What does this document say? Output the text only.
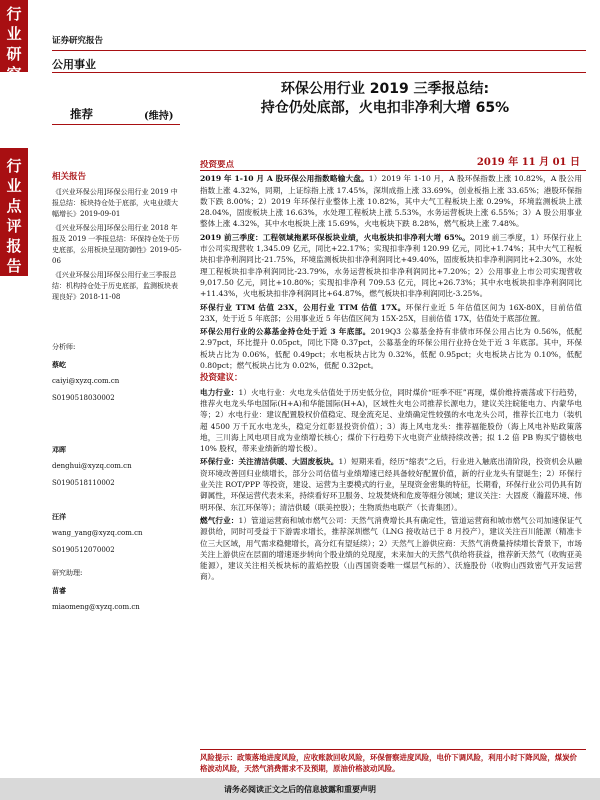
行
业
研
究
行
业
点
评
报
告
证券研究报告
公用事业
环保公用行业 2019 三季报总结:
持仓仍处底部，火电扣非净利大增 65%
推荐	(维持)
2019 年 11 月 01 日
相关报告
《[兴业环保公用]环保公用行业 2019 中报总结：板块持仓处于底部，火电业绩大幅增长》2019-09-01
《[兴业环保公用]环保公用行业 2018 年报及 2019 一季报总结：环保持仓处于历史底部，公用板块呈现防御性》2019-05-06
《[兴业环保公用]环保公用行业三季报总结：机构持仓处于历史底部，监测板块表现良好》2018-11-08
分析师:
蔡屹
caiyi@xyzq.com.cn
S0190518030002
邓晖
denghui@xyzq.com.cn
S0190518110002
汪洋
wang_yang@xyzq.com.cn
S0190512070002
研究助理:
苗睿
miaomeng@xyzq.com.cn
投资要点

2019 年 1-10 月 A 股环保公用指数略输大盘。1）2019 年 1-10 月，A 股环保指数上涨 10.82%，A 股公用指数上涨 4.32%，同期，上证综指上涨 17.45%，深圳成指上涨 33.69%，创业板指上涨 33.65%；港股环保指数下跌 8.00%；2）2019 年环保行业整体上涨 10.82%，其中大气工程板块上涨 0.29%，环境监测板块上涨 28.04%，固废板块上涨 16.63%，水处理工程板块上涨 5.53%，水务运营板块上涨 6.55%；3）A 股公用事业整体上涨 4.32%，其中水电板块上涨 15.69%，火电板块下跌 8.28%，燃气板块上涨 7.48%。

2019 前三季度：工程领域拖累环保板块业绩，火电板块扣非净利大增 65%。2019 前三季度，1）环保行业上市公司实现营收 1,345.09 亿元，同比+22.17%；实现扣非净利 120.99 亿元，同比+1.74%；其中大气工程板块扣非净利润同比-21.75%，环境监测板块扣非净利润同比+49.40%，固废板块扣非净利润同比+2.30%，水处理工程板块扣非净利润同比-23.79%，水务运营板块扣非净利润同比+7.20%；2）公用事业上市公司实现营收 9,017.50 亿元，同比+10.80%；实现扣非净利 709.53 亿元，同比+26.73%；其中水电板块扣非净利润同比+11.43%，火电板块扣非净利润同比+64.87%，燃气板块扣非净利润同比-3.25%。

环保行业 TTM 估值 23X，公用行业 TTM 估值 17X。环保行业近 5 年估值区间为 16X-80X，目前估值 23X，处于近 5 年底部；公用事业近 5 年估值区间为 15X-25X，目前估值 17X，估值处于底部位置。

环保公用行业的公募基金持仓处于近 3 年底部。2019Q3 公募基金持有非债市环保公用占比为 0.56%，低配 2.97pct，环比提升 0.05pct，同比下降 0.37pct，公募基金的环保公用行业持仓处于近 3 年底部。其中，环保板块占比为 0.06%，低配 0.49pct；水电板块占比为 0.32%，低配 0.95pct；火电板块占比为 0.10%，低配 0.80pct；燃气板块占比为 0.02%，低配 0.32pct。

投资建议：

电力行业：1）火电行业：火电龙头估值处于历史低分位，同时煤价“旺季不旺”再现，煤价维持震荡或下行趋势，推荐火电龙头华电国际(H+A)和华能国际(H+A)，区域性火电公司推荐长源电力，建议关注皖能电力、内蒙华电等；2）水电行业：建议配置股权价值稳定、现金流充足、业绩确定性较强的水电龙头公司，推荐长江电力（装机超 4500 万千瓦水电龙头，稳定分红彰显投资价值）；3）海上风电龙头：推荐福能股份（海上风电补贴政策落地，三川海上风电项目成为业绩增长核心；煤价下行趋势下火电资产业绩持续改善；拟 1.2 倍 PB 购买宁德核电 10% 股权，带来业绩新的增长极）。

环保行业：关注清洁供暖、大固废板块。1）短期来看，经历“缩表”之后，行业进入触底出清阶段，投资机会从融资环境改善回归业绩增长，部分公司估值与业绩增速已经具备较好配置价值，新的行业龙头有望诞生；2）环保行业关注 ROT/PPP 等投资，建设、运营为主要模式的行业，呈现资金密集的特征，长期看，环保行业公司仍具有防御属性，环保运营代表未来，持续看好环卫服务、垃圾焚烧和危废等细分领域；建议关注：大固废（瀚蓝环境、伟明环保、东江环保等）；清洁供暖（联美控股）；生物质热电联产（长青集团）。

燃气行业：1）管道运营商和城市燃气公司：天然气消费增长具有确定性，管道运营商和城市燃气公司加速保证气源供给，同时可受益于下游需求增长，推荐深圳燃气（LNG 接收站已于 8 月投产），建议关注百川能源（精准卡位三大区域，用气需求稳健增长，高分红有望延续）；2）天然气上游供应商：天然气消费量持续增长背景下，市场关注上游供应在层面的增速逐步转向个股业绩的兑现度，未来加大的天然气供给将获益，推荐新天然气（收购亚美能源），建议关注相关板块标的蓝焰控股（山西国资委唯一煤层气标的）、沃施股份（收购山西致密气开发运营商）。

风险提示：政策落地进度风险，应收账款回收风险，环保督察进度风险，电价下调风险，利用小时下降风险，煤炭价格波动风险，天然气消费需求不及预期，原油价格波动风险。
请务必阅读正文之后的信息披露和重要声明
